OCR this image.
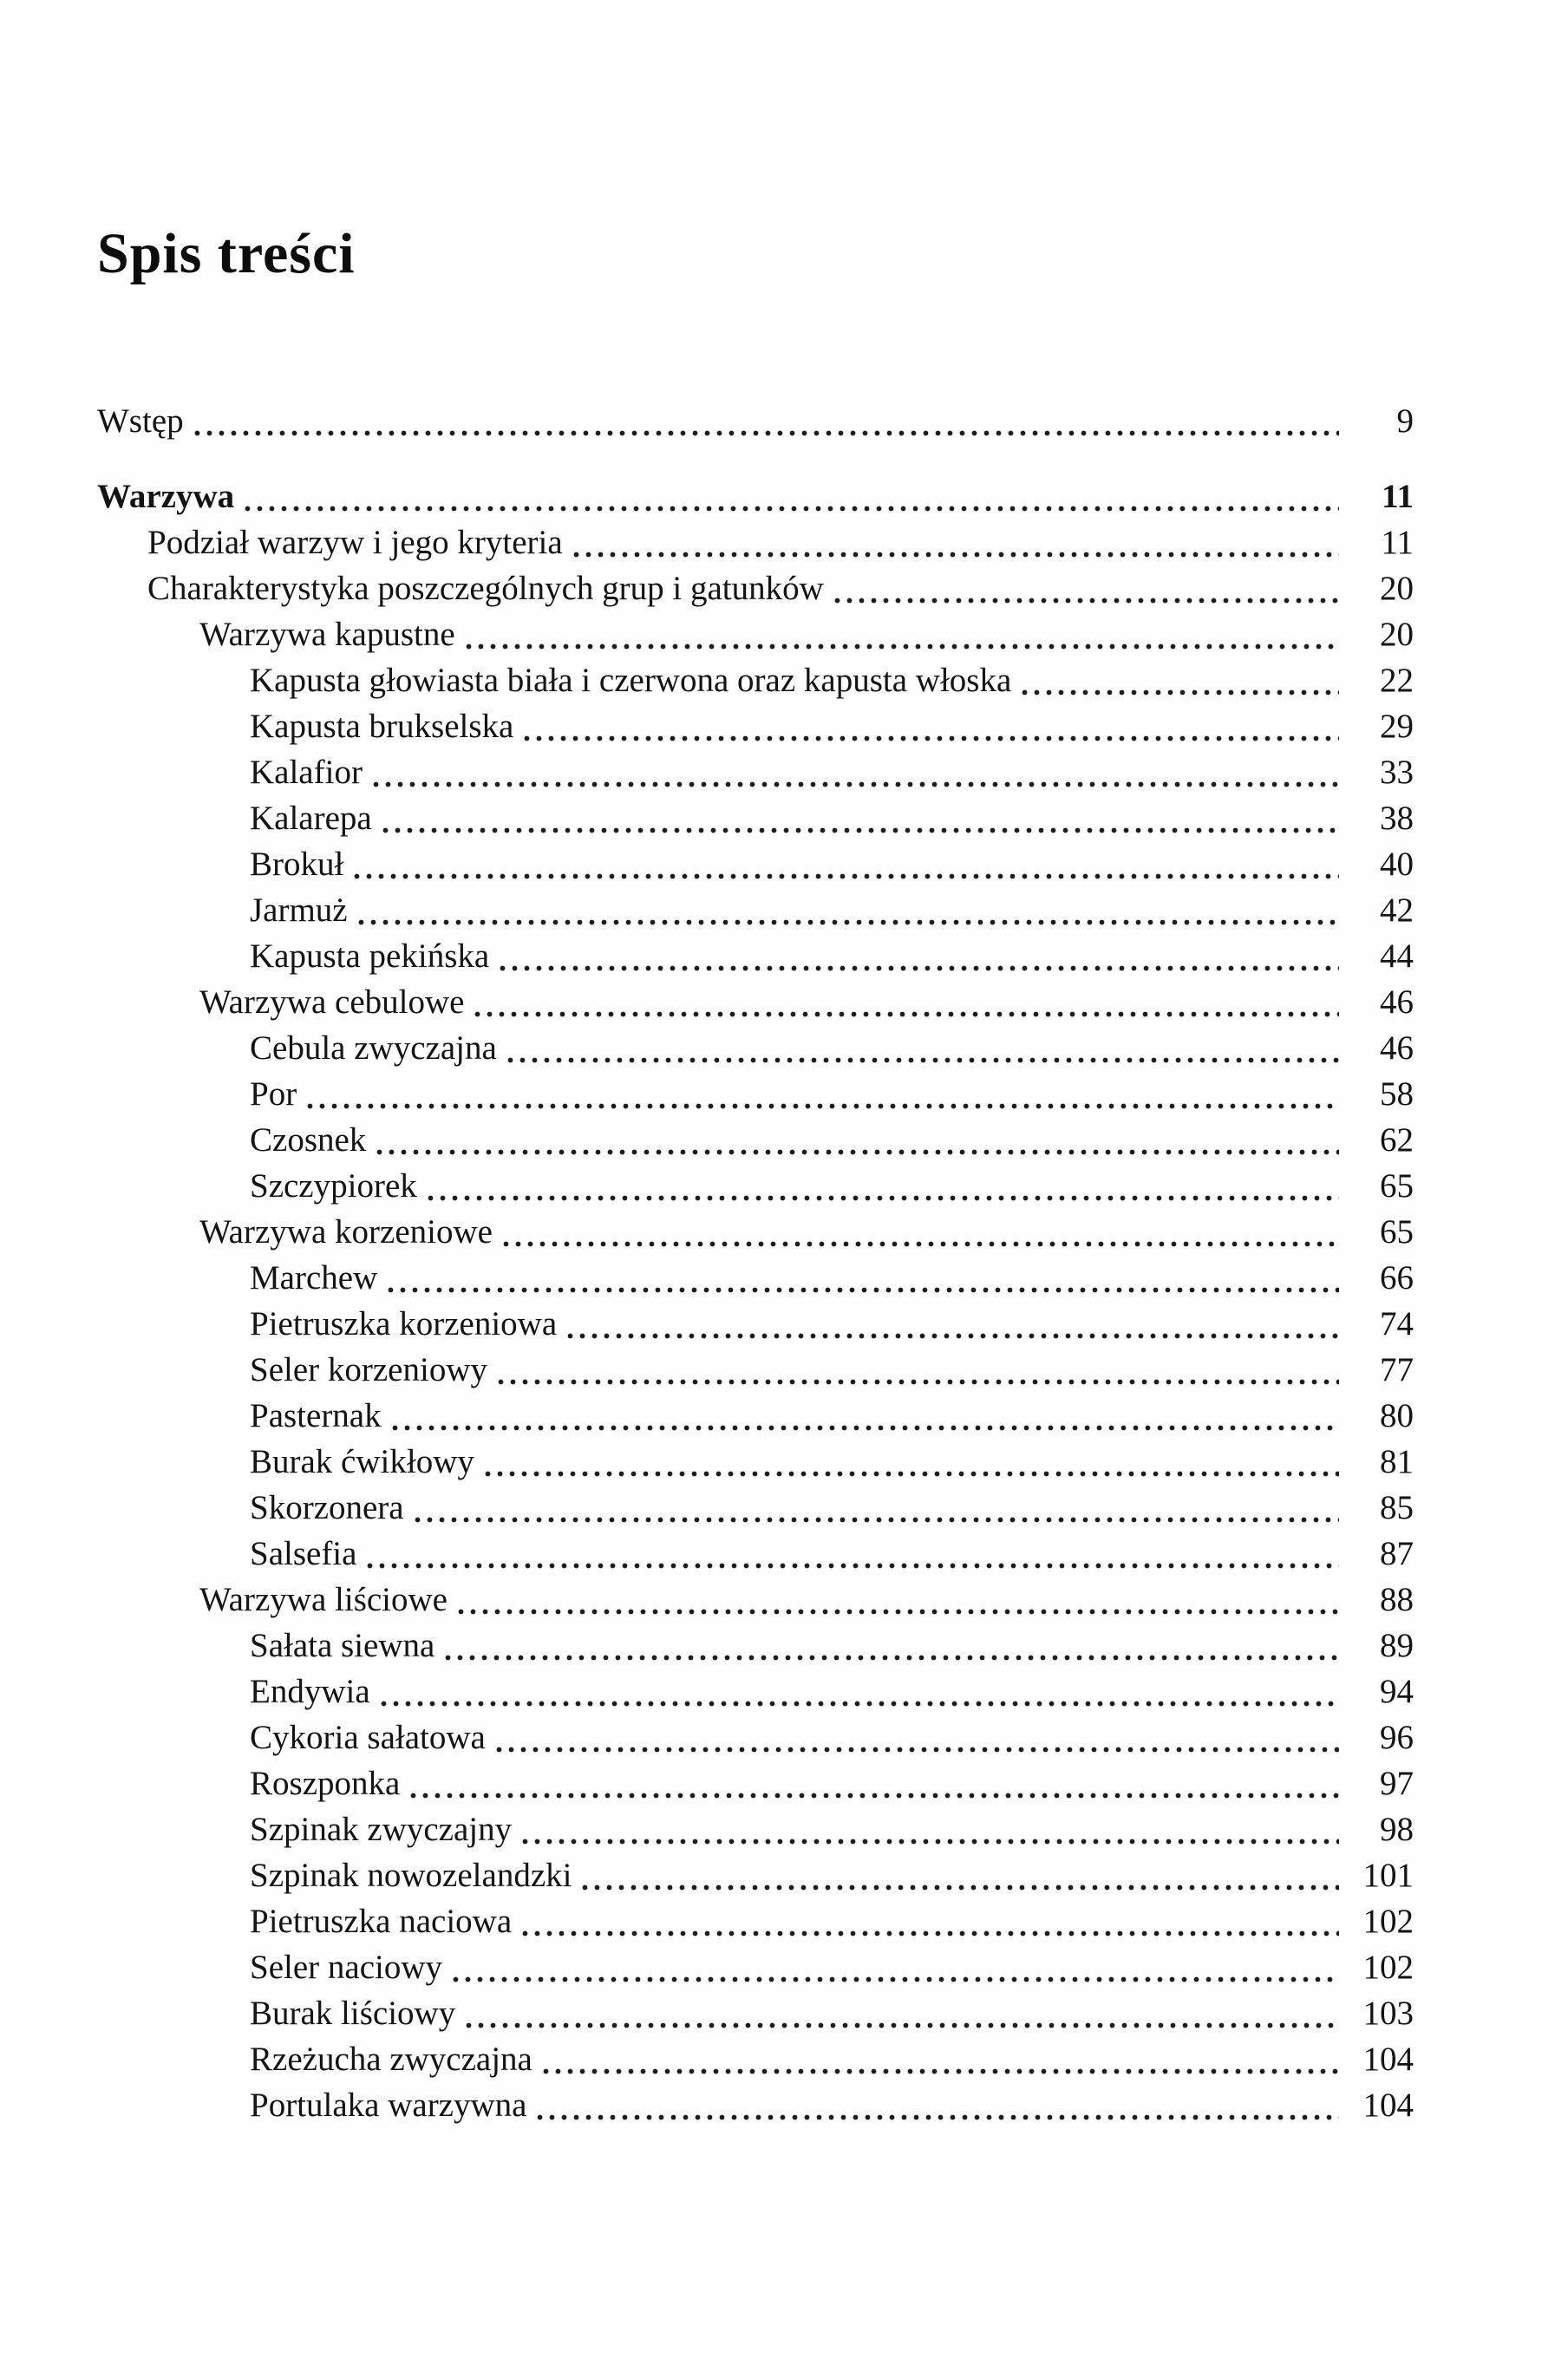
Spis treści
Wstęp	9
Warzywa	11
Podział warzyw i jego kryteria	11
Charakterystyka poszczególnych grup i gatunków	20
Warzywa kapustne	20
Kapusta głowiasta biała i czerwona oraz kapusta włoska	22
Kapusta brukselska	29
Kalafior	33
Kalarepa	38
Brokuł	40
Jarmuż	42
Kapusta pekińska	44
Warzywa cebulowe	46
Cebula zwyczajna	46
Por	58
Czosnek	62
Szczypiorek	65
Warzywa korzeniowe	65
Marchew	66
Pietruszka korzeniowa	74
Seler korzeniowy	77
Pasternak	80
Burak ćwikłowy	81
Skorzonera	85
Salsefia	87
Warzywa liściowe	88
Sałata siewna	89
Endywia	94
Cykoria sałatowa	96
Roszponka	97
Szpinak zwyczajny	98
Szpinak nowozelandzki	101
Pietruszka naciowa	102
Seler naciowy	102
Burak liściowy	103
Rzeżucha zwyczajna	104
Portulaka warzywna	104
